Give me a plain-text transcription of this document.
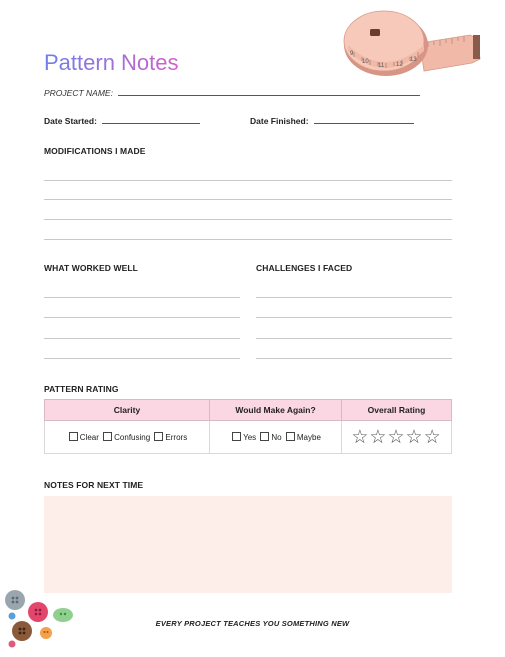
9
10
11 12
13
Pattern Notes
PROJECT NAME:
Date Started:	Date Finished:
MODIFICATIONS I MADE
WHAT WORKED WELL	CHALLENGES I FACED
PATTERN RATING
Clarity	Would Make Again?	Overall Rating
Clear Confusing Errors	Yes No Maybe	☆☆☆☆☆
NOTES FOR NEXT TIME
EVERY PROJECT TEACHES YOU SOMETHING NEW
